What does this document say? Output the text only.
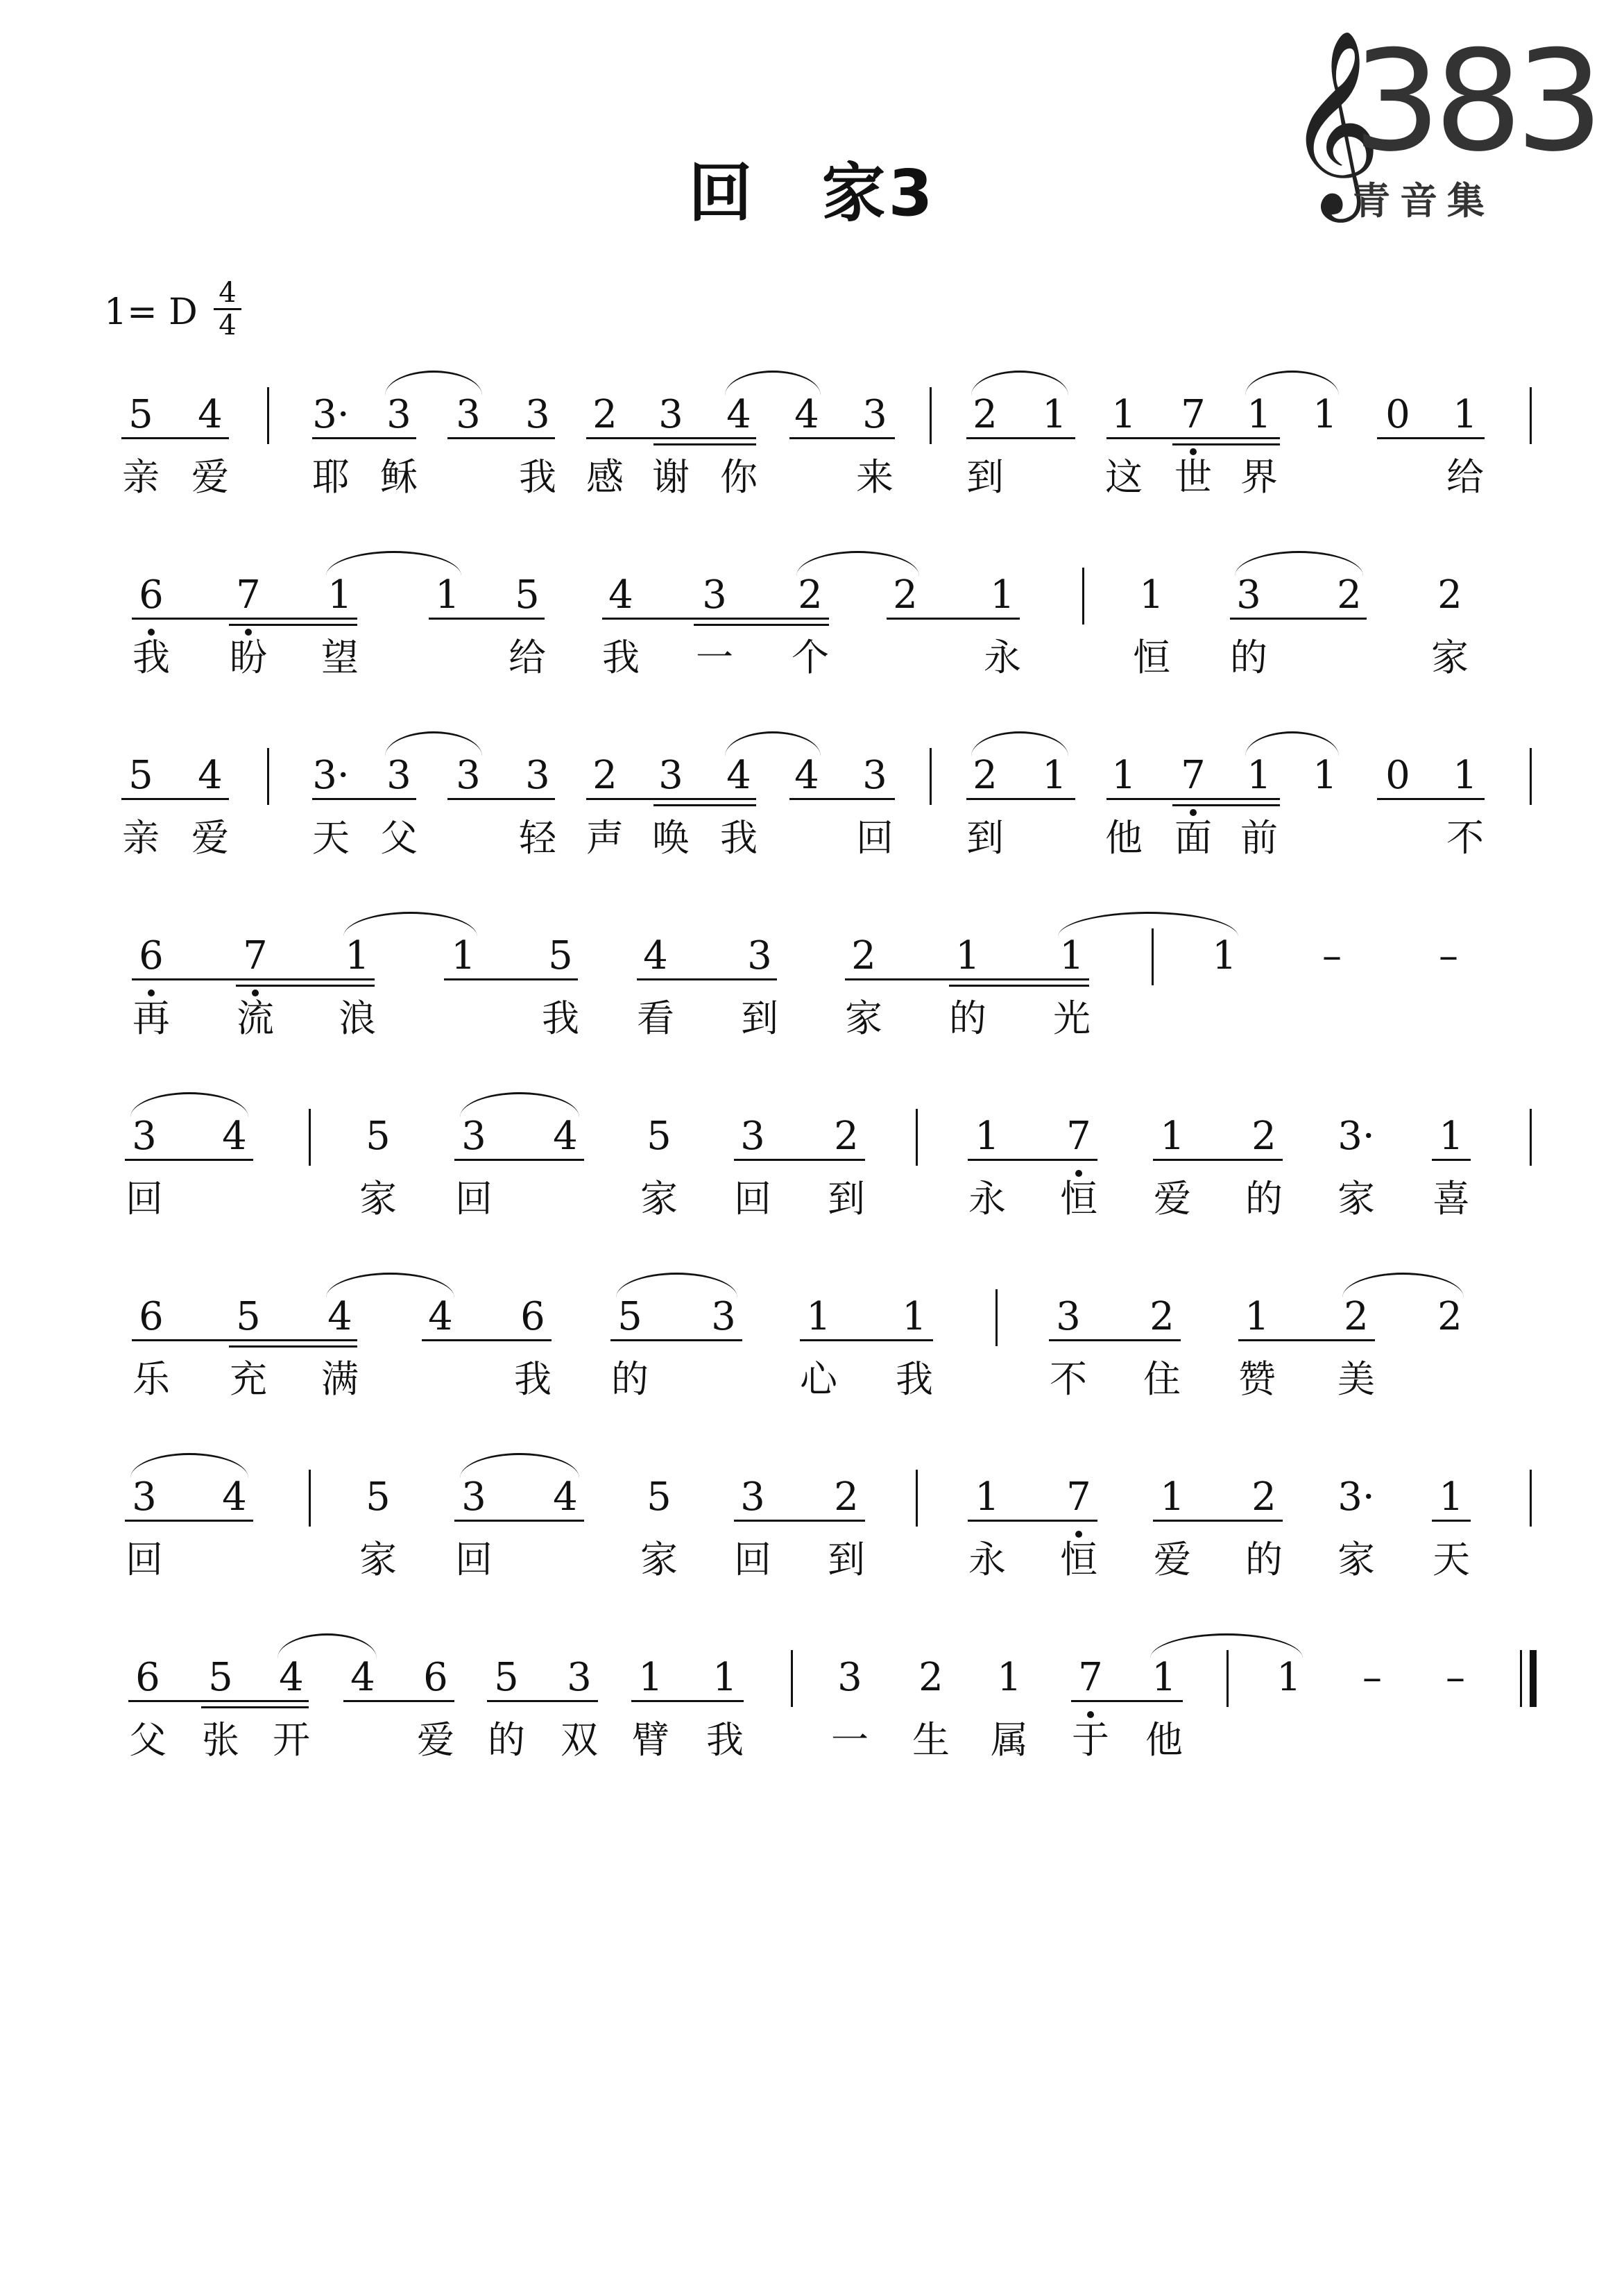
回　家3	𝄞
383
青音集
1= D 4
4
5 4 3· 3 3 3 2 3 4 4 3 2 1 1 7 1 1 0 1
亲 爱 耶 稣	我 感 谢 你	来 到	这 世 界	给
6 7 1 1 5 4 3 2 2 1	1 3 2 2
我 盼 望	给 我 一 个	永	恒 的	家
5 4 3· 3 3 3 2 3 4 4 3 2 1 1 7 1 1 0 1
亲 爱 天 父	轻 声 唤 我	回 到	他 面 前	不
6 7 1 1 5 4 3 2 1 1	1 –	–
再 流 浪	我 看 到 家 的 光
3 4	5 3 4 5 3 2	1 7 1 2 3· 1
回	家 回	家 回 到	永 恒 爱 的 家 喜
6 5 4 4 6 5 3 1 1	3 2 1 2 2
乐 充 满	我 的	心 我	不 住 赞 美
3 4	5 3 4 5 3 2	1 7 1 2 3· 1
回	家 回	家 回 到	永 恒 爱 的 家 天
6 5 4 4 6 5 3 1 1	3 2 1 7 1	1 – –
父 张 开	爱 的 双 臂 我 一 生 属 于 他
